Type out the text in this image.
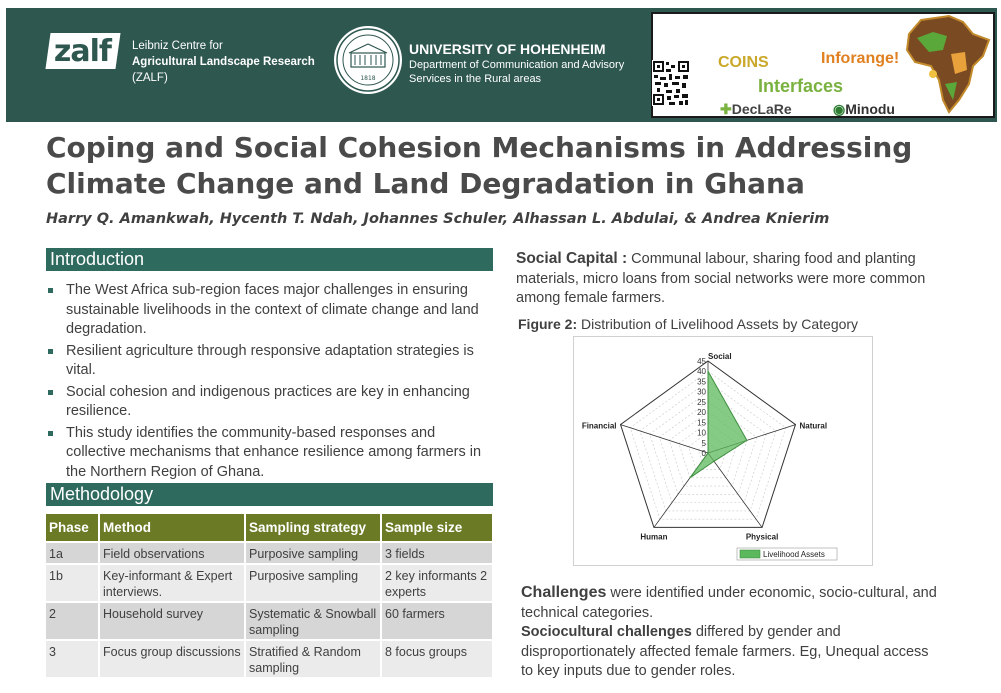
zalf Leibniz Centre for
Agricultural Landscape Research
(ZALF)	1818
UNIVERSITY OF HOHENHEIM
Department of Communication and Advisory
Services in the Rural areas
COINS	Inforange!
Interfaces
✚DecLaRe	◉Minodu
Coping and Social Cohesion Mechanisms in Addressing Climate Change and Land Degradation in Ghana
Harry Q. Amankwah, Hycenth T. Ndah, Johannes Schuler, Alhassan L. Abdulai, & Andrea Knierim
Introduction
The West Africa sub-region faces major challenges in ensuring sustainable livelihoods in the context of climate change and land degradation.
Resilient agriculture through responsive adaptation strategies is vital.
Social cohesion and indigenous practices are key in enhancing resilience.
This study identifies the community-based responses and collective mechanisms that enhance resilience among farmers in the Northern Region of Ghana.
Methodology
Phase	Method	Sampling strategy	Sample size
1a	Field observations	Purposive sampling	3 fields
1b	Key-informant & Expert interviews.	Purposive sampling	2 key informants 2 experts
2	Household survey	Systematic & Snowball sampling	60 farmers
3	Focus group discussions	Stratified & Random sampling	8 focus groups
Social Capital : Communal labour, sharing food and planting materials, micro loans from social networks were more common among female farmers.
Figure 2: Distribution of Livelihood Assets by Category
0
5
10
15
20
25
30
35
40
45
Social
Natural
Physical
Human
Financial
Livelihood Assets
Challenges were identified under economic, socio-cultural, and technical categories.
Sociocultural challenges differed by gender and disproportionately affected female farmers. Eg, Unequal access to key inputs due to gender roles.
